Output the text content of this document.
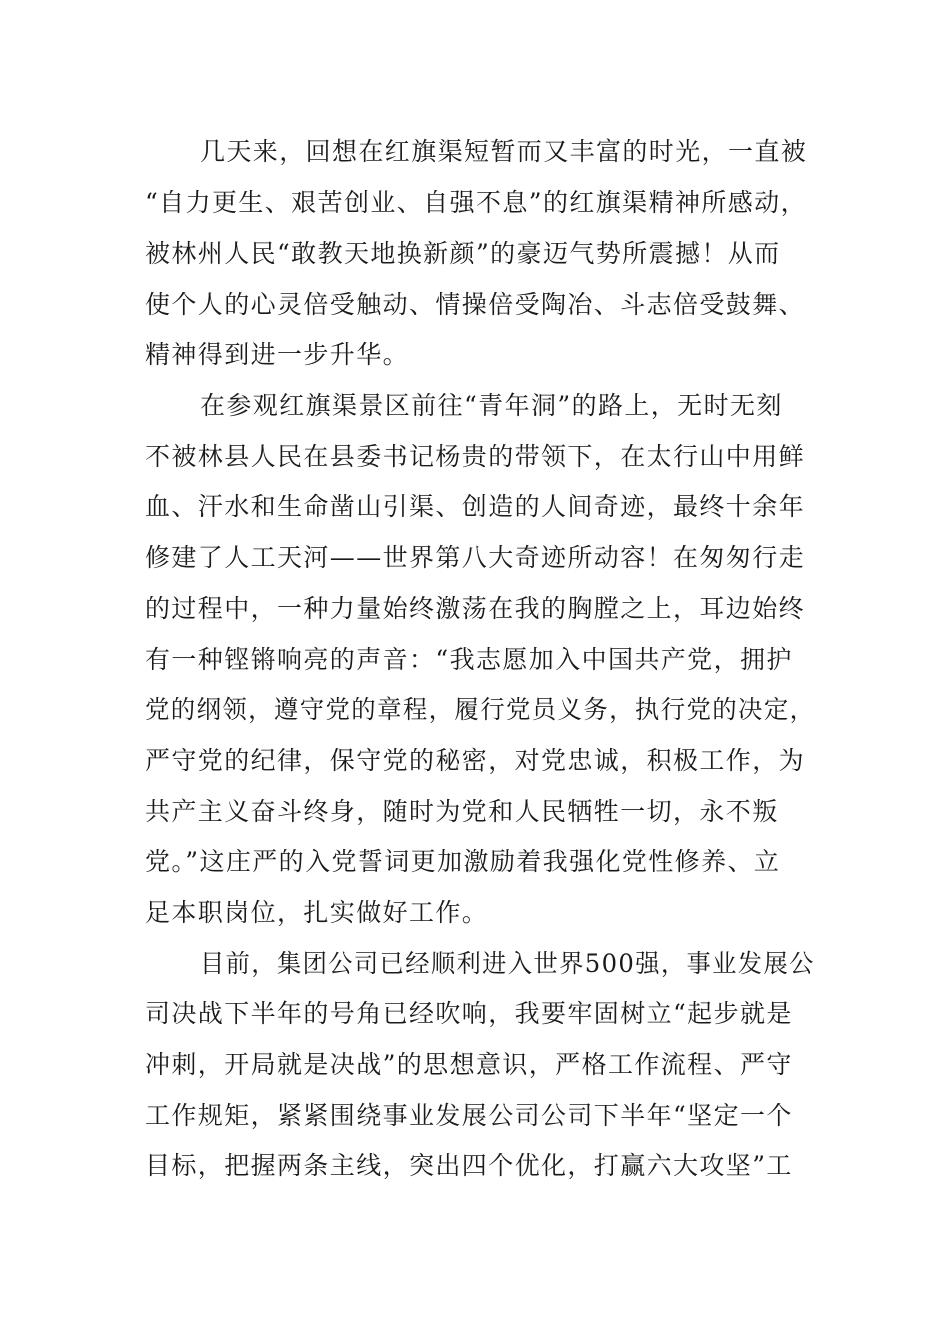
几天来，回想在红旗渠短暂而又丰富的时光，一直被
“自力更生、艰苦创业、自强不息”的红旗渠精神所感动，
被林州人民“敢教天地换新颜”的豪迈气势所震撼！从而
使个人的心灵倍受触动、情操倍受陶冶、斗志倍受鼓舞、
精神得到进一步升华。
在参观红旗渠景区前往“青年洞”的路上，无时无刻
不被林县人民在县委书记杨贵的带领下，在太行山中用鲜
血、汗水和生命凿山引渠、创造的人间奇迹，最终十余年
修建了人工天河——世界第八大奇迹所动容！在匆匆行走
的过程中，一种力量始终激荡在我的胸膛之上，耳边始终
有一种铿锵响亮的声音：“我志愿加入中国共产党，拥护
党的纲领，遵守党的章程，履行党员义务，执行党的决定，
严守党的纪律，保守党的秘密，对党忠诚，积极工作，为
共产主义奋斗终身，随时为党和人民牺牲一切，永不叛
党。”这庄严的入党誓词更加激励着我强化党性修养、立
足本职岗位，扎实做好工作。
目前，集团公司已经顺利进入世界500强，事业发展公
司决战下半年的号角已经吹响，我要牢固树立“起步就是
冲刺，开局就是决战”的思想意识，严格工作流程、严守
工作规矩，紧紧围绕事业发展公司公司下半年“坚定一个
目标，把握两条主线，突出四个优化，打赢六大攻坚”工
